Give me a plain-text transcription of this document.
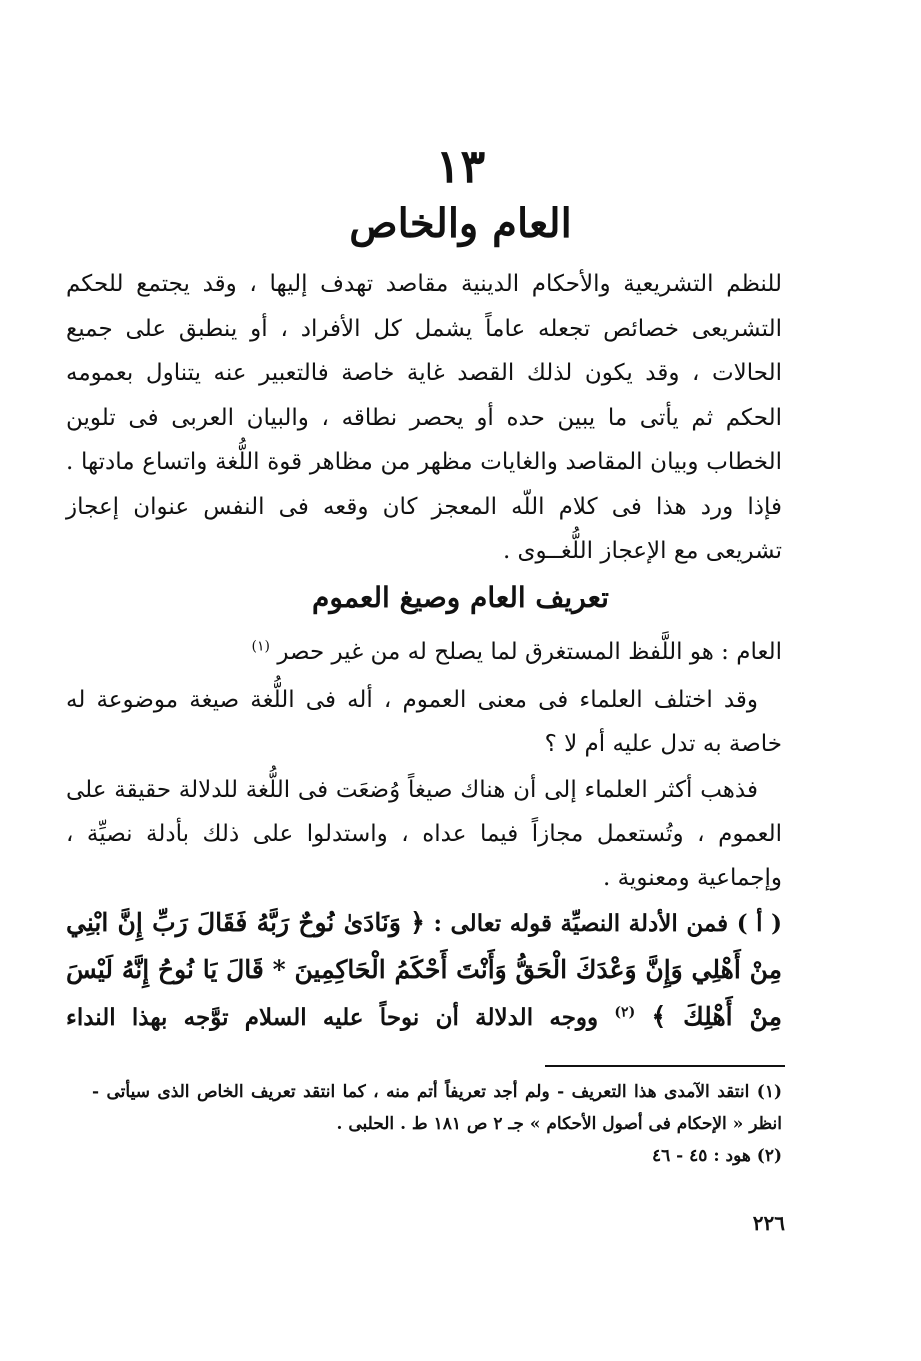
١٣
العام والخاص
للنظم التشريعية والأحكام الدينية مقاصد تهدف إليها ، وقد يجتمع للحكم التشريعى خصائص تجعله عاماً يشمل كل الأفراد ، أو ينطبق على جميع الحالات ، وقد يكون لذلك القصد غاية خاصة فالتعبير عنه يتناول بعمومه الحكم ثم يأتى ما يبين حده أو يحصر نطاقه ، والبيان العربى فى تلوين الخطاب وبيان المقاصد والغايات مظهر من مظاهر قوة اللُّغة واتساع مادتها . فإذا ورد هذا فى كلام اللّه المعجز كان وقعه فى النفس عنوان إعجاز تشريعى مع الإعجاز اللُّغــوى .
تعريف العام وصيغ العموم

العام : هو اللَّفظ المستغرق لما يصلح له من غير حصر $^{(١)}$

وقد اختلف العلماء فى معنى العموم ، أله فى اللُّغة صيغة موضوعة له خاصة به تدل عليه أم لا ؟

فذهب أكثر العلماء إلى أن هناك صيغاً وُضعَت فى اللُّغة للدلالة حقيقة على العموم ، وتُستعمل مجازاً فيما عداه ، واستدلوا على ذلك بأدلة نصيِّة ، وإجماعية ومعنوية .

( أ ) فمن الأدلة النصيِّة قوله تعالى : ﴿ وَنَادَىٰ نُوحٌ رَبَّهُ فَقَالَ رَبِّ إِنَّ ابْنِي مِنْ أَهْلِي وَإِنَّ وَعْدَكَ الْحَقُّ وَأَنْتَ أَحْكَمُ الْحَاكِمِينَ * قَالَ يَا نُوحُ إِنَّهُ لَيْسَ مِنْ أَهْلِكَ ﴾ $^{(٢)}$ ووجه الدلالة أن نوحاً عليه السلام توَّجه بهذا النداء

(١) انتقد الآمدى هذا التعريف - ولم أجد تعريفاً أتم منه ، كما انتقد تعريف الخاص الذى سيأتى - انظر « الإحكام فى أصول الأحكام » جـ ٢ ص ١٨١ ط . الحلبى .

(٢) هود : ٤٥ - ٤٦

٢٢٦
